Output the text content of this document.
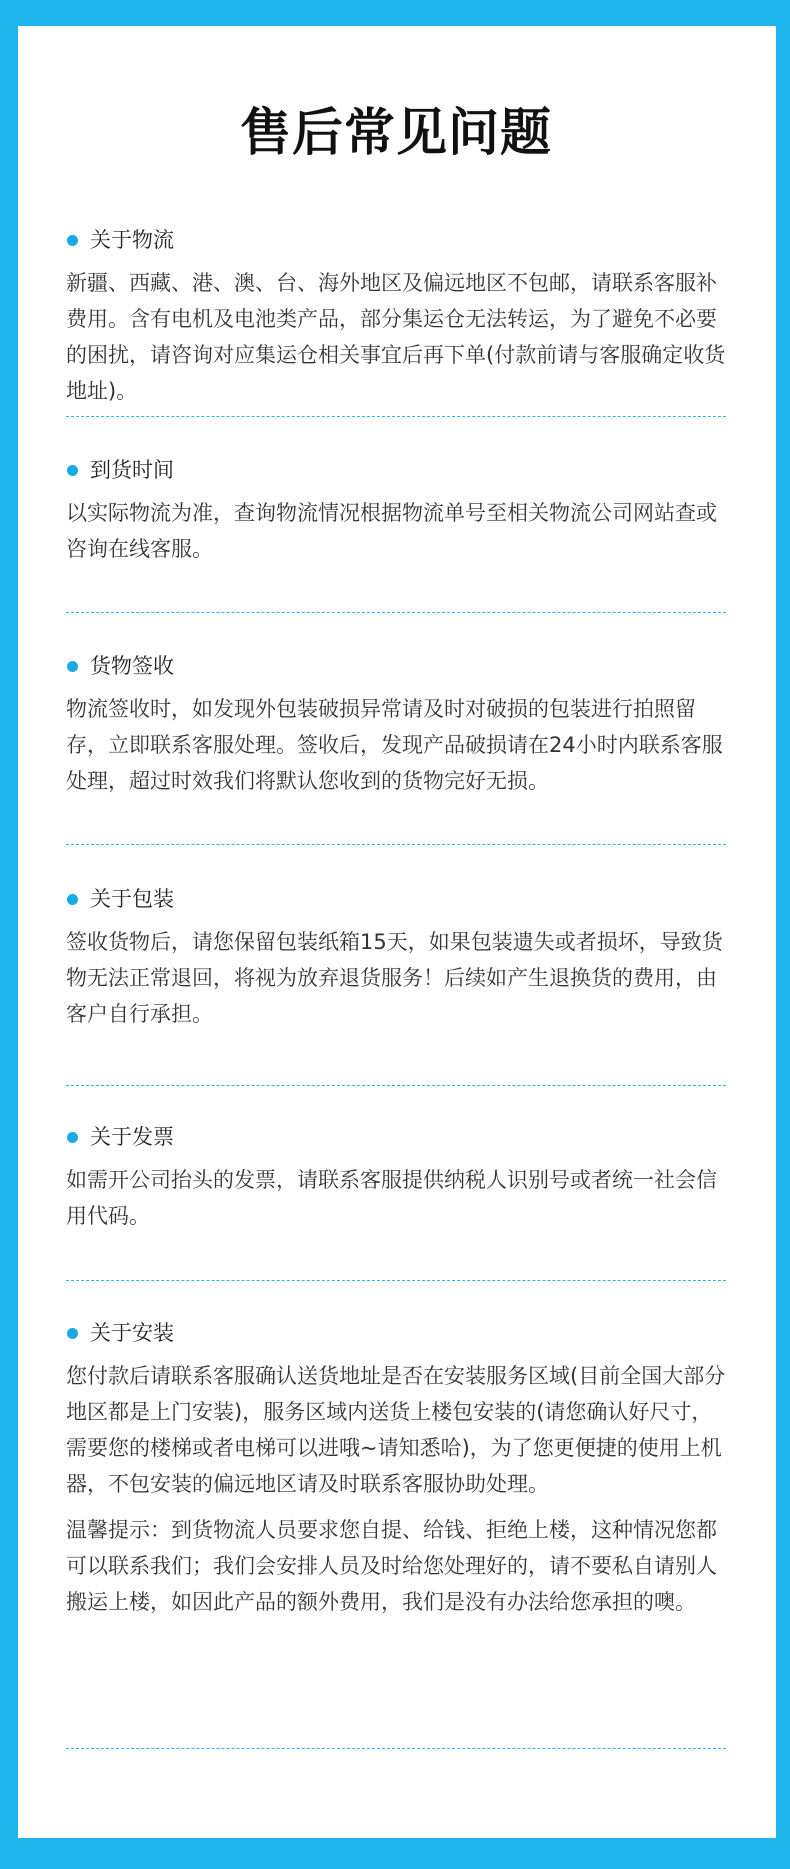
售后常见问题
关于物流

新疆、西藏、港、澳、台、海外地区及偏远地区不包邮，请联系客服补费用。含有电机及电池类产品，部分集运仓无法转运，为了避免不必要的困扰，请咨询对应集运仓相关事宜后再下单(付款前请与客服确定收货地址)。

到货时间

以实际物流为准，查询物流情况根据物流单号至相关物流公司网站查或咨询在线客服。

货物签收

物流签收时，如发现外包装破损异常请及时对破损的包装进行拍照留存，立即联系客服处理。签收后，发现产品破损请在24小时内联系客服处理，超过时效我们将默认您收到的货物完好无损。

关于包装

签收货物后，请您保留包装纸箱15天，如果包装遗失或者损坏，导致货物无法正常退回，将视为放弃退货服务！后续如产生退换货的费用，由客户自行承担。

关于发票

如需开公司抬头的发票，请联系客服提供纳税人识别号或者统一社会信用代码。

关于安装

您付款后请联系客服确认送货地址是否在安装服务区域(目前全国大部分地区都是上门安装)，服务区域内送货上楼包安装的(请您确认好尺寸，需要您的楼梯或者电梯可以进哦~请知悉哈)，为了您更便捷的使用上机器，不包安装的偏远地区请及时联系客服协助处理。

温馨提示：到货物流人员要求您自提、给钱、拒绝上楼，这种情况您都可以联系我们；我们会安排人员及时给您处理好的，请不要私自请别人搬运上楼，如因此产品的额外费用，我们是没有办法给您承担的噢。
